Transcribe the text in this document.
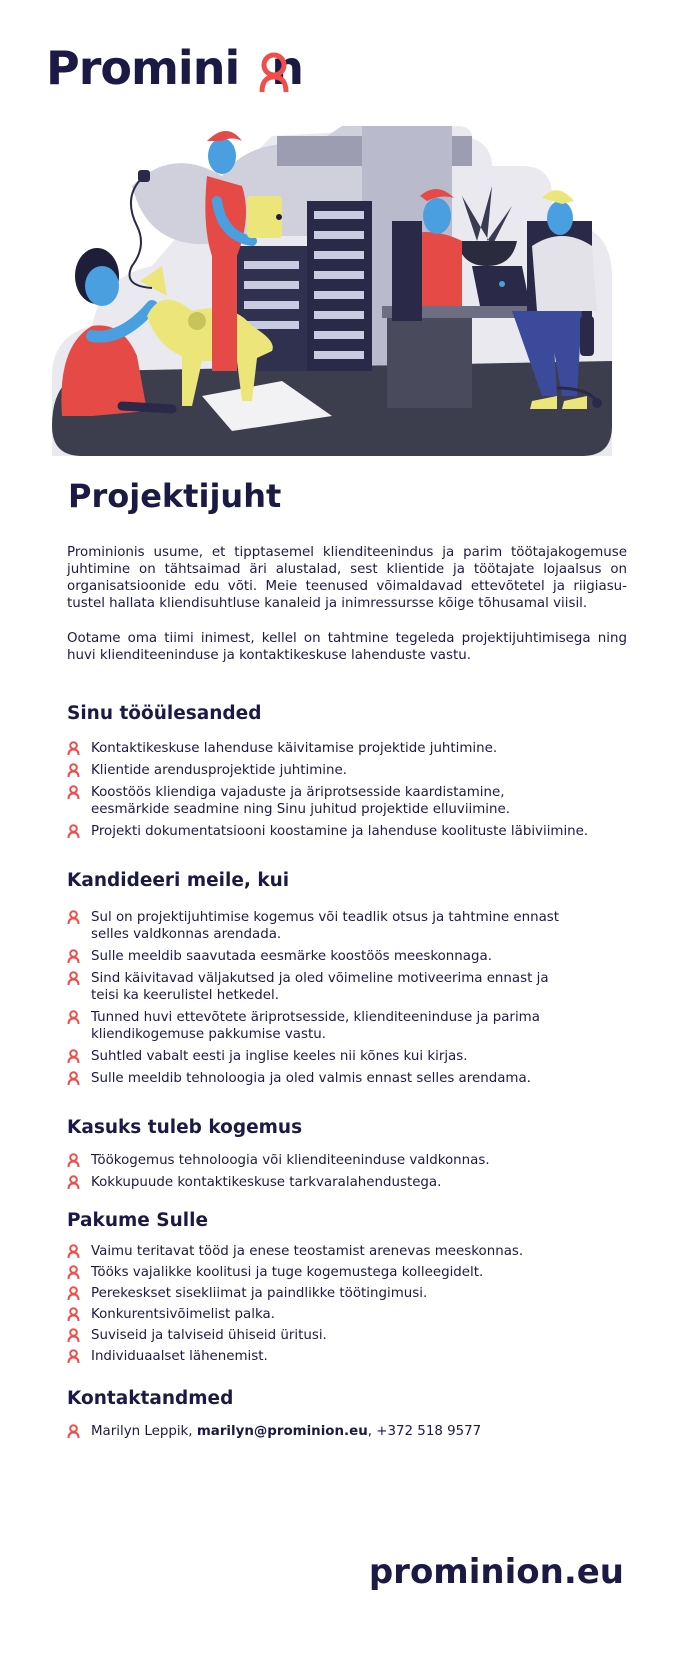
Promini n
Projektijuht

Prominionis usume, et tipptasemel klienditeenindus ja parim töötajakogemuse juhtimine on tähtsaimad äri alustalad, sest klientide ja töötajate lojaalsus on organisatsioonide edu võti. Meie teenused võimaldavad ettevõtetel ja riigiasu- tustel hallata kliendisuhtluse kanaleid ja inimressursse kõige tõhusamal viisil.

Ootame oma tiimi inimest, kellel on tahtmine tegeleda projektijuhtimisega ning huvi klienditeeninduse ja kontaktikeskuse lahenduste vastu.

Sinu tööülesanded
Kontaktikeskuse lahenduse käivitamise projektide juhtimine.
Klientide arendusprojektide juhtimine.
Koostöös kliendiga vajaduste ja äriprotsesside kaardistamine, eesmärkide seadmine ning Sinu juhitud projektide elluviimine.
Projekti dokumentatsiooni koostamine ja lahenduse koolituste läbiviimine.
Kandideeri meile, kui
Sul on projektijuhtimise kogemus või teadlik otsus ja tahtmine ennast selles valdkonnas arendada.
Sulle meeldib saavutada eesmärke koostöös meeskonnaga.
Sind käivitavad väljakutsed ja oled võimeline motiveerima ennast ja teisi ka keerulistel hetkedel.
Tunned huvi ettevõtete äriprotsesside, klienditeeninduse ja parima kliendikogemuse pakkumise vastu.
Suhtled vabalt eesti ja inglise keeles nii kõnes kui kirjas.
Sulle meeldib tehnoloogia ja oled valmis ennast selles arendama.
Kasuks tuleb kogemus
Töökogemus tehnoloogia või klienditeeninduse valdkonnas.
Kokkupuude kontaktikeskuse tarkvaralahendustega.
Pakume Sulle
Vaimu teritavat tööd ja enese teostamist arenevas meeskonnas.
Tööks vajalikke koolitusi ja tuge kogemustega kolleegidelt.
Perekeskset sisekliimat ja paindlikke töötingimusi.
Konkurentsivõimelist palka.
Suviseid ja talviseid ühiseid üritusi.
Individuaalset lähenemist.
Kontaktandmed
Marilyn Leppik, marilyn@prominion.eu, +372 518 9577
prominion.eu
